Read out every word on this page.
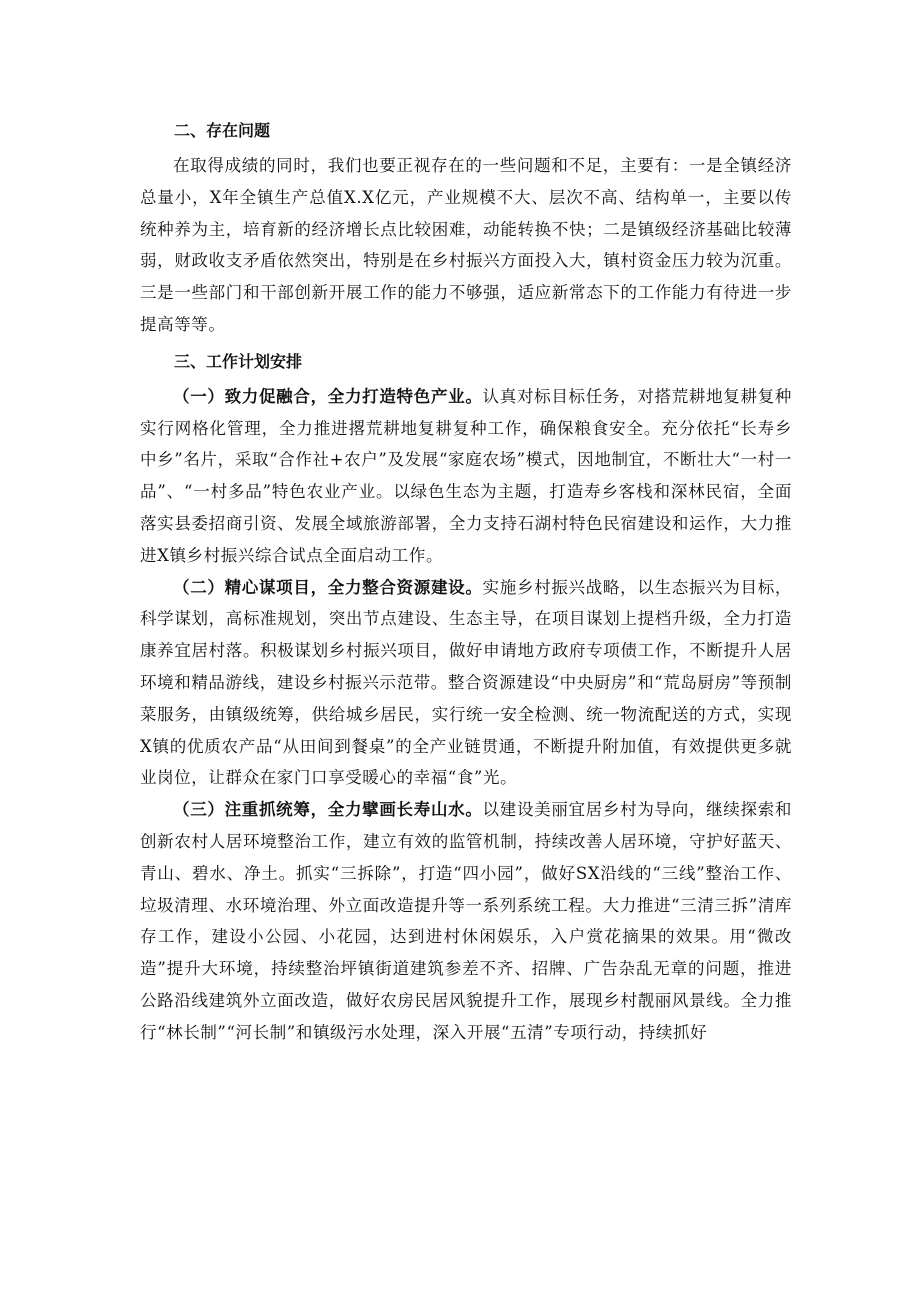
二、存在问题

在取得成绩的同时，我们也要正视存在的一些问题和不足，主要有：一是全镇经济总量小，X年全镇生产总值X.X亿元，产业规模不大、层次不高、结构单一，主要以传统种养为主，培育新的经济增长点比较困难，动能转换不快；二是镇级经济基础比较薄弱，财政收支矛盾依然突出，特别是在乡村振兴方面投入大，镇村资金压力较为沉重。三是一些部门和干部创新开展工作的能力不够强，适应新常态下的工作能力有待进一步提高等等。

三、工作计划安排

（一）致力促融合，全力打造特色产业。认真对标目标任务，对搭荒耕地复耕复种实行网格化管理，全力推进撂荒耕地复耕复种工作，确保粮食安全。充分依托“长寿乡中乡”名片，采取“合作社+农户”及发展“家庭农场”模式，因地制宜，不断壮大“一村一品”、“一村多品”特色农业产业。以绿色生态为主题，打造寿乡客栈和深林民宿，全面落实县委招商引资、发展全域旅游部署，全力支持石湖村特色民宿建设和运作，大力推进X镇乡村振兴综合试点全面启动工作。

（二）精心谋项目，全力整合资源建设。实施乡村振兴战略，以生态振兴为目标，科学谋划，高标准规划，突出节点建设、生态主导，在项目谋划上提档升级，全力打造康养宜居村落。积极谋划乡村振兴项目，做好申请地方政府专项债工作，不断提升人居环境和精品游线，建设乡村振兴示范带。整合资源建设“中央厨房”和“荒岛厨房”等预制菜服务，由镇级统筹，供给城乡居民，实行统一安全检测、统一物流配送的方式，实现X镇的优质农产品“从田间到餐桌”的全产业链贯通，不断提升附加值，有效提供更多就业岗位，让群众在家门口享受暖心的幸福“食”光。

（三）注重抓统筹，全力擘画长寿山水。以建设美丽宜居乡村为导向，继续探索和创新农村人居环境整治工作，建立有效的监管机制，持续改善人居环境，守护好蓝天、青山、碧水、净土。抓实“三拆除”，打造“四小园”，做好SX沿线的“三线”整治工作、垃圾清理、水环境治理、外立面改造提升等一系列系统工程。大力推进“三清三拆”清库存工作，建设小公园、小花园，达到进村休闲娱乐，入户赏花摘果的效果。用“微改造”提升大环境，持续整治坪镇街道建筑参差不齐、招牌、广告杂乱无章的问题，推进公路沿线建筑外立面改造，做好农房民居风貌提升工作，展现乡村靓丽风景线。全力推行“林长制”“河长制”和镇级污水处理，深入开展“五清”专项行动，持续抓好
